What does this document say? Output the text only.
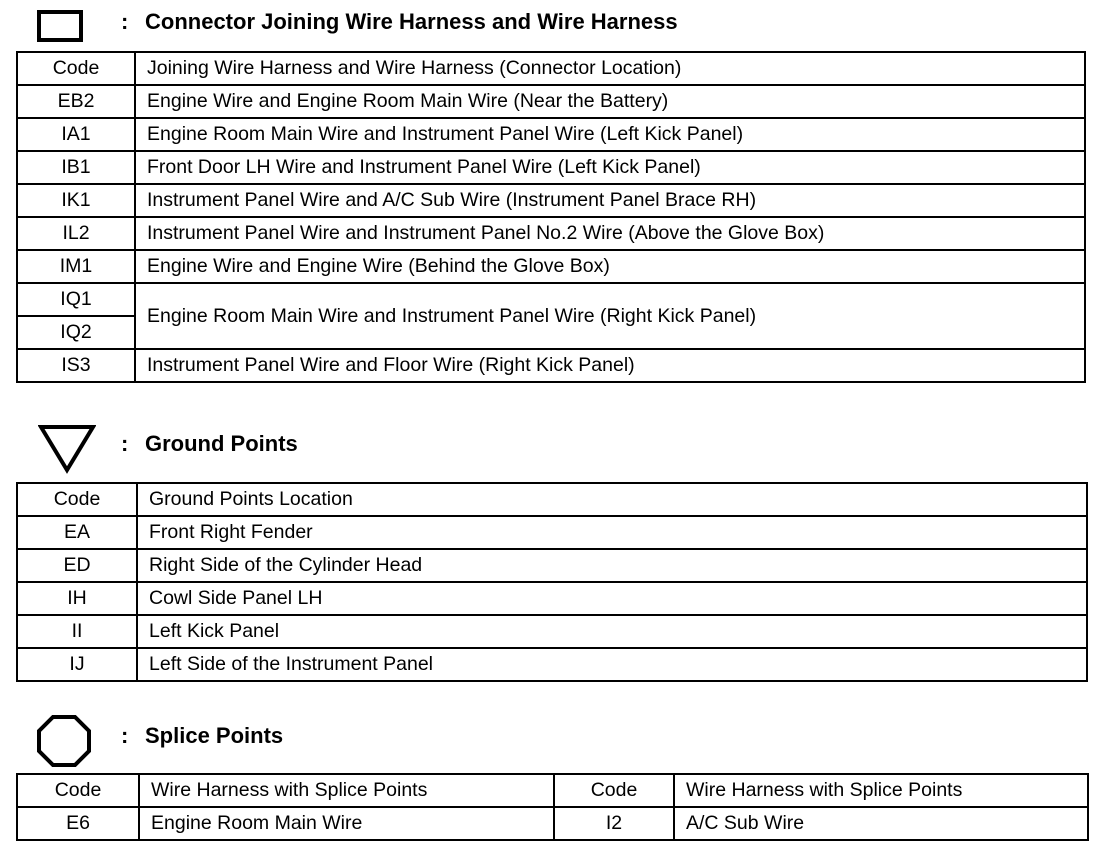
: Connector Joining Wire Harness and Wire Harness
Code	Joining Wire Harness and Wire Harness (Connector Location)
EB2	Engine Wire and Engine Room Main Wire (Near the Battery)
IA1	Engine Room Main Wire and Instrument Panel Wire (Left Kick Panel)
IB1	Front Door LH Wire and Instrument Panel Wire (Left Kick Panel)
IK1	Instrument Panel Wire and A/C Sub Wire (Instrument Panel Brace RH)
IL2	Instrument Panel Wire and Instrument Panel No.2 Wire (Above the Glove Box)
IM1	Engine Wire and Engine Wire (Behind the Glove Box)
IQ1	Engine Room Main Wire and Instrument Panel Wire (Right Kick Panel)
IQ2	
IS3	Instrument Panel Wire and Floor Wire (Right Kick Panel)
: Ground Points
Code	Ground Points Location
EA	Front Right Fender
ED	Right Side of the Cylinder Head
IH	Cowl Side Panel LH
II	Left Kick Panel
IJ	Left Side of the Instrument Panel
: Splice Points
Code	Wire Harness with Splice Points	Code	Wire Harness with Splice Points
E6	Engine Room Main Wire	I2	A/C Sub Wire
